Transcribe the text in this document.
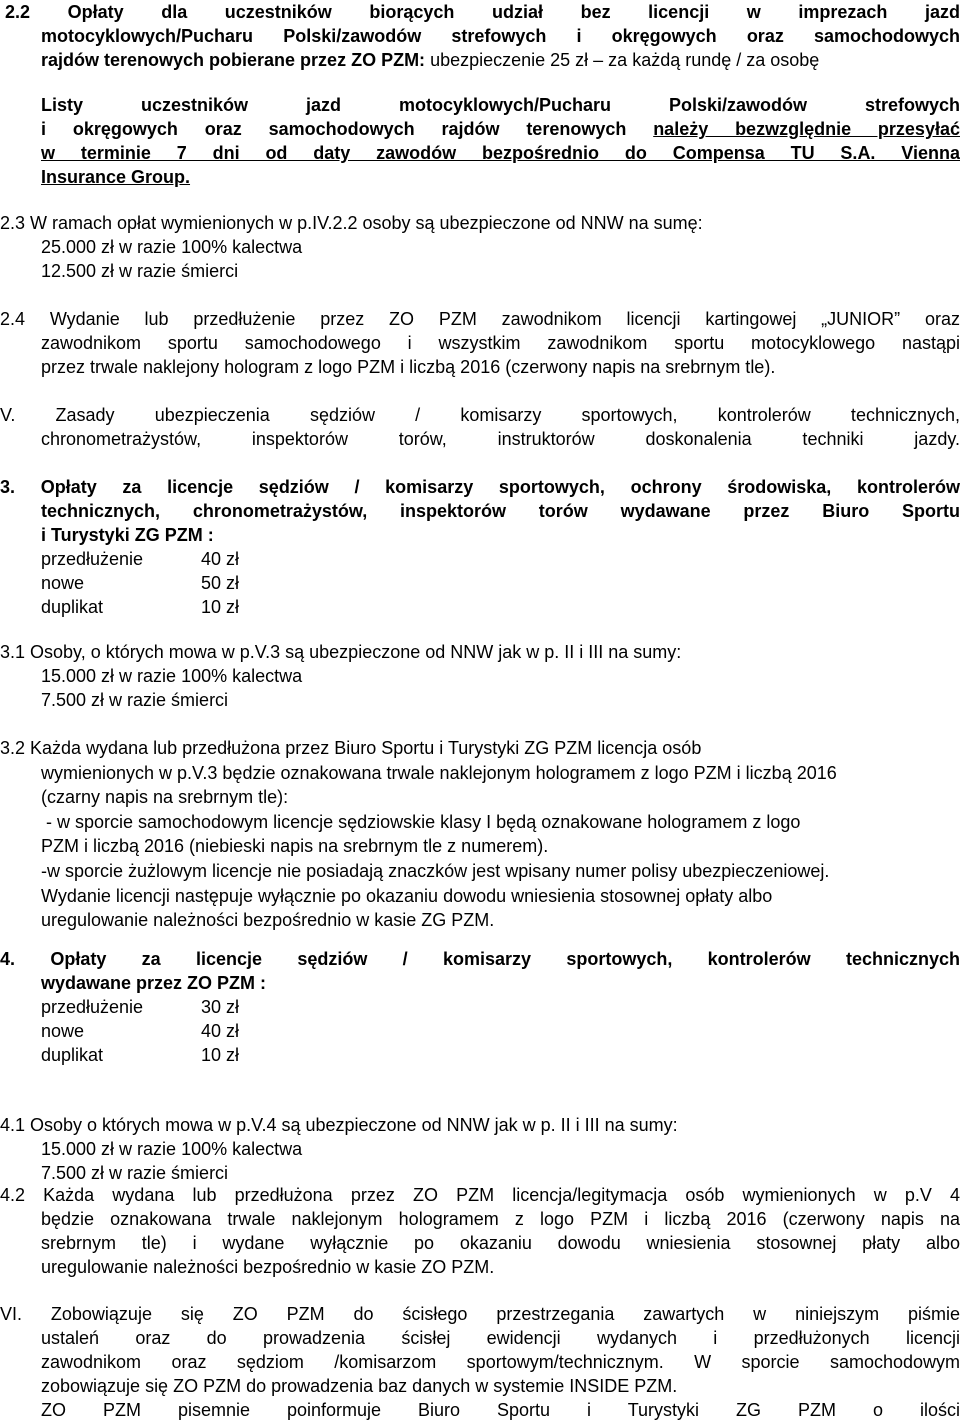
2.2 Opłaty dla uczestników biorących udział bez licencji w imprezach jazd
motocyklowych/Pucharu Polski/zawodów strefowych i okręgowych oraz samochodowych
rajdów terenowych pobierane przez ZO PZM: ubezpieczenie 25 zł – za każdą rundę / za osobę
Listy uczestników jazd motocyklowych/Pucharu Polski/zawodów strefowych
i okręgowych oraz samochodowych rajdów terenowych należy bezwzględnie przesyłać
w terminie 7 dni od daty zawodów bezpośrednio do Compensa TU S.A. Vienna
Insurance Group.
2.3 W ramach opłat wymienionych w p.IV.2.2 osoby są ubezpieczone od NNW na sumę:
25.000 zł w razie 100% kalectwa
12.500 zł w razie śmierci
2.4 Wydanie lub przedłużenie przez ZO PZM zawodnikom licencji kartingowej „JUNIOR” oraz
zawodnikom sportu samochodowego i wszystkim zawodnikom sportu motocyklowego nastąpi
przez trwale naklejony hologram z logo PZM i liczbą 2016 (czerwony napis na srebrnym tle).
V. Zasady ubezpieczenia sędziów / komisarzy sportowych, kontrolerów technicznych,
chronometrażystów, inspektorów torów, instruktorów doskonalenia techniki jazdy.
3. Opłaty za licencje sędziów / komisarzy sportowych, ochrony środowiska, kontrolerów
technicznych, chronometrażystów, inspektorów torów wydawane przez Biuro Sportu
i Turystyki ZG PZM :
przedłużenie	40 zł
nowe	50 zł
duplikat	10 zł
3.1 Osoby, o których mowa w p.V.3 są ubezpieczone od NNW jak w p. II i III na sumy:
15.000 zł w razie 100% kalectwa
7.500 zł w razie śmierci
3.2 Każda wydana lub przedłużona przez Biuro Sportu i Turystyki ZG PZM licencja osób
wymienionych w p.V.3 będzie oznakowana trwale naklejonym hologramem z logo PZM i liczbą 2016
(czarny napis na srebrnym tle):
- w sporcie samochodowym licencje sędziowskie klasy I będą oznakowane hologramem z logo
PZM i liczbą 2016 (niebieski napis na srebrnym tle z numerem).
-w sporcie żużlowym licencje nie posiadają znaczków jest wpisany numer polisy ubezpieczeniowej.
Wydanie licencji następuje wyłącznie po okazaniu dowodu wniesienia stosownej opłaty albo
uregulowanie należności bezpośrednio w kasie ZG PZM.
4. Opłaty za licencje sędziów / komisarzy sportowych, kontrolerów technicznych
wydawane przez ZO PZM :
przedłużenie	30 zł
nowe	40 zł
duplikat	10 zł
4.1 Osoby o których mowa w p.V.4 są ubezpieczone od NNW jak w p. II i III na sumy:
15.000 zł w razie 100% kalectwa
7.500 zł w razie śmierci
4.2 Każda wydana lub przedłużona przez ZO PZM licencja/legitymacja osób wymienionych w p.V 4
będzie oznakowana trwale naklejonym hologramem z logo PZM i liczbą 2016 (czerwony napis na
srebrnym tle) i wydane wyłącznie po okazaniu dowodu wniesienia stosownej płaty albo
uregulowanie należności bezpośrednio w kasie ZO PZM.
VI. Zobowiązuje się ZO PZM do ścisłego przestrzegania zawartych w niniejszym piśmie
ustaleń oraz do prowadzenia ścisłej ewidencji wydanych i przedłużonych licencji
zawodnikom oraz sędziom /komisarzom sportowym/technicznym. W sporcie samochodowym
zobowiązuje się ZO PZM do prowadzenia baz danych w systemie INSIDE PZM.
ZO PZM pisemnie poinformuje Biuro Sportu i Turystyki ZG PZM o ilości
